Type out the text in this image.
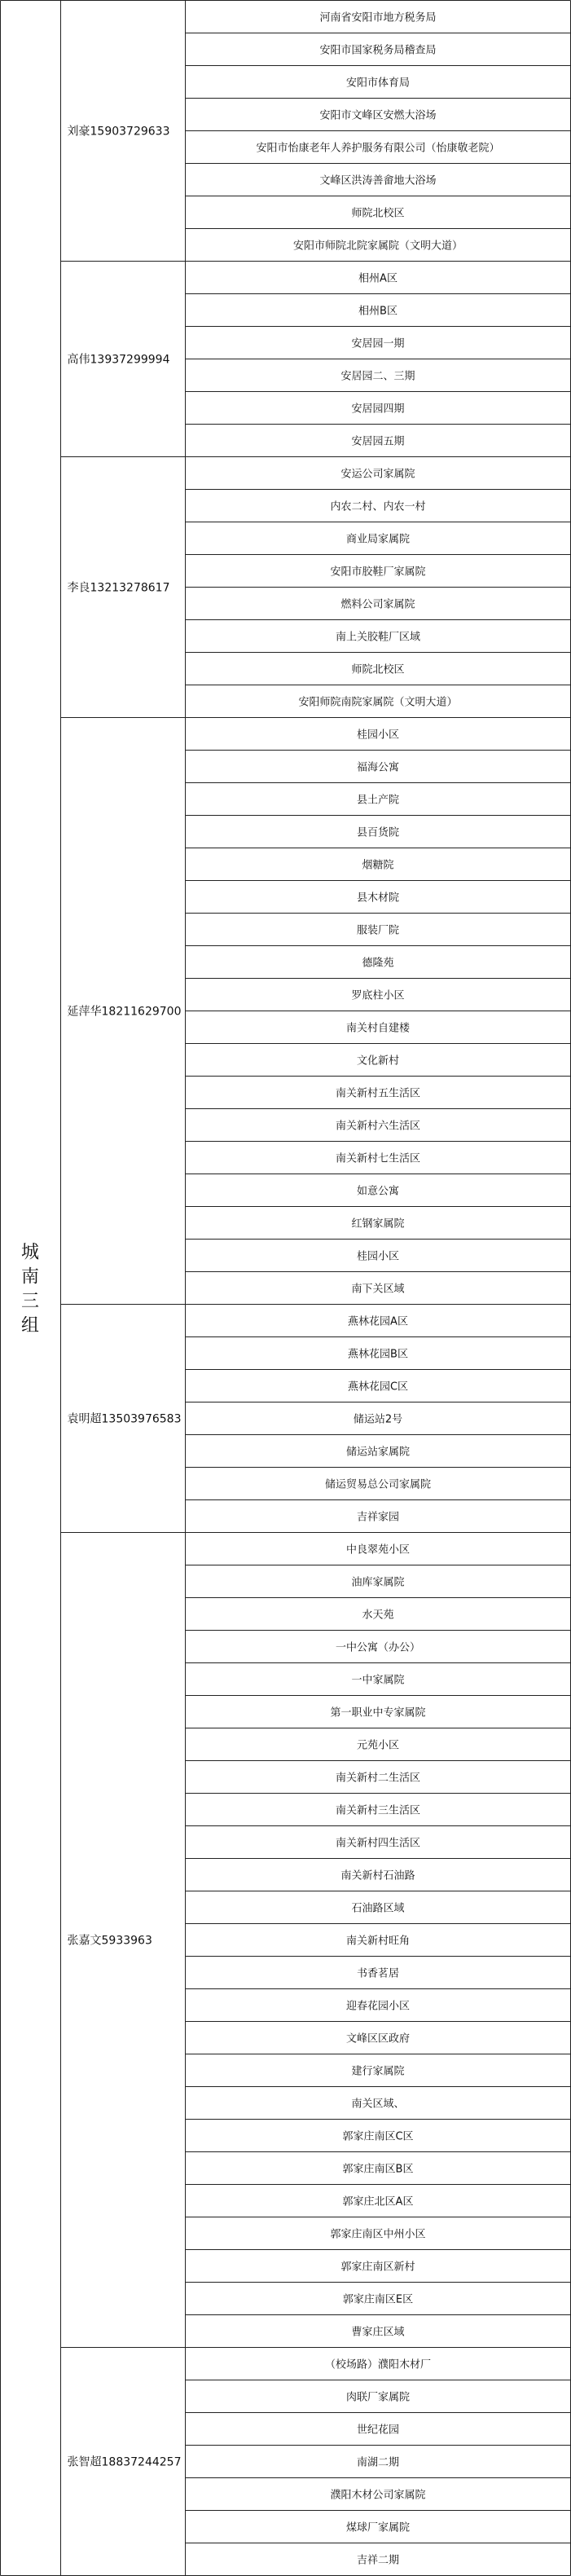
刘豪15903729633
河南省安阳市地方税务局
安阳市国家税务局稽查局
安阳市体育局
安阳市文峰区安燃大浴场
安阳市怡康老年人养护服务有限公司（怡康敬老院）
文峰区洪涛善畲地大浴场
师院北校区
安阳市师院北院家属院（文明大道）
高伟13937299994
相州A区
相州B区
安居园一期
安居园二、三期
安居园四期
安居园五期
李良13213278617
安运公司家属院
内农二村、内农一村
商业局家属院
安阳市胶鞋厂家属院
燃料公司家属院
南上关胶鞋厂区域
师院北校区
安阳师院南院家属院（文明大道）
延萍华18211629700
桂园小区
福海公寓
县土产院
县百货院
烟糖院
县木材院
服装厂院
德隆苑
罗底柱小区
南关村自建楼
文化新村
南关新村五生活区
南关新村六生活区
南关新村七生活区
如意公寓
红钢家属院
桂园小区
南下关区域
袁明超13503976583
燕林花园A区
燕林花园B区
燕林花园C区
储运站2号
储运站家属院
储运贸易总公司家属院
吉祥家园
张嘉文5933963
中良翠苑小区
油库家属院
水天苑
一中公寓（办公）
一中家属院
第一职业中专家属院
元苑小区
南关新村二生活区
南关新村三生活区
南关新村四生活区
南关新村石油路
石油路区域
南关新村旺角
书香茗居
迎春花园小区
文峰区区政府
建行家属院
南关区域、
郭家庄南区C区
郭家庄南区B区
郭家庄北区A区
郭家庄南区中州小区
郭家庄南区新村
郭家庄南区E区
曹家庄区域
张智超18837244257
（校场路）濮阳木材厂
肉联厂家属院
世纪花园
南湖二期
濮阳木材公司家属院
煤球厂家属院
吉祥二期
城南三组
